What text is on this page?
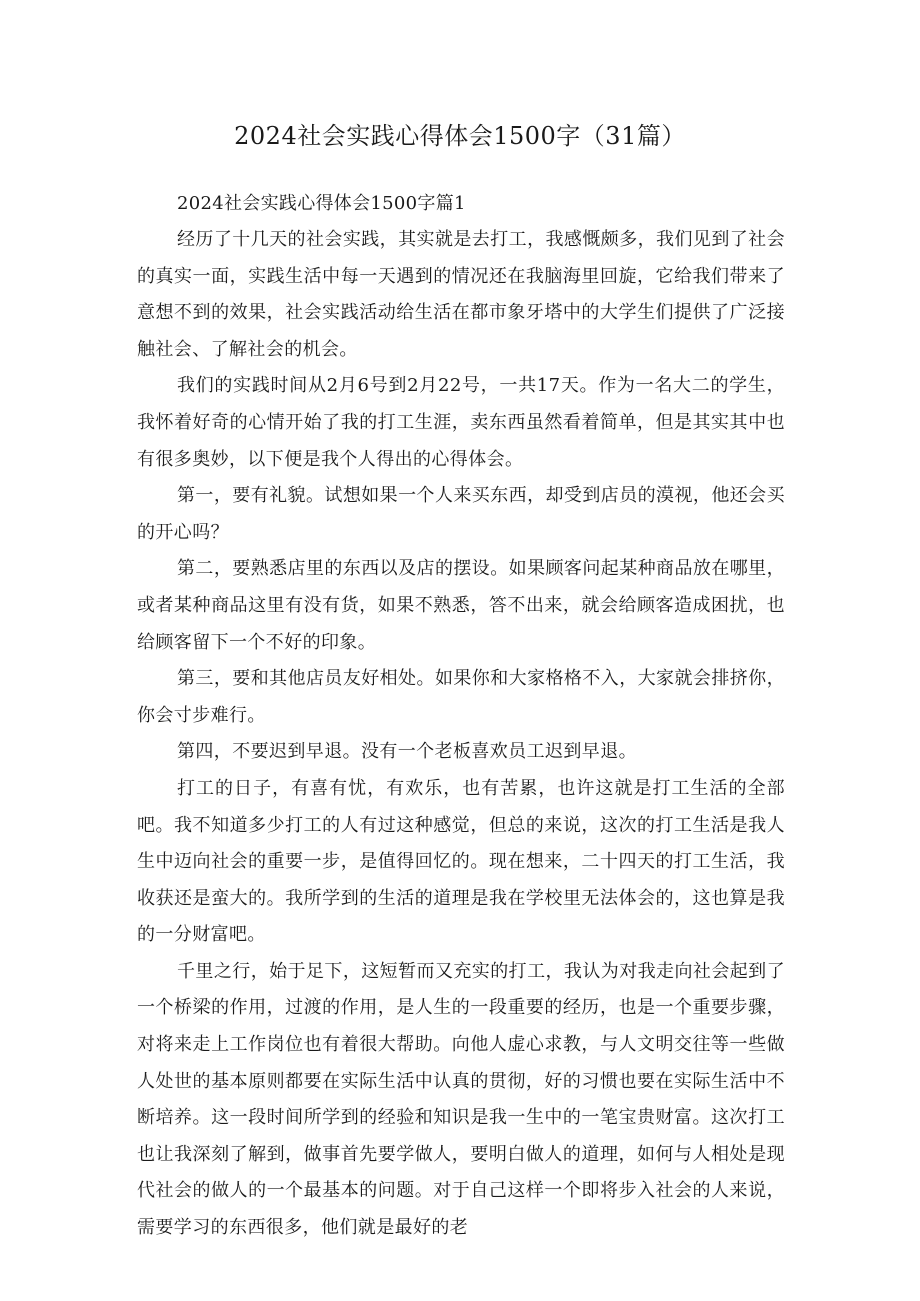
2024社会实践心得体会1500字（31篇）

2024社会实践心得体会1500字篇1

经历了十几天的社会实践，其实就是去打工，我感慨颇多，我们见到了社会的真实一面，实践生活中每一天遇到的情况还在我脑海里回旋，它给我们带来了意想不到的效果，社会实践活动给生活在都市象牙塔中的大学生们提供了广泛接触社会、了解社会的机会。

我们的实践时间从2月6号到2月22号，一共17天。作为一名大二的学生，我怀着好奇的心情开始了我的打工生涯，卖东西虽然看着简单，但是其实其中也有很多奥妙，以下便是我个人得出的心得体会。

第一，要有礼貌。试想如果一个人来买东西，却受到店员的漠视，他还会买的开心吗？

第二，要熟悉店里的东西以及店的摆设。如果顾客问起某种商品放在哪里，或者某种商品这里有没有货，如果不熟悉，答不出来，就会给顾客造成困扰，也给顾客留下一个不好的印象。

第三，要和其他店员友好相处。如果你和大家格格不入，大家就会排挤你，你会寸步难行。

第四，不要迟到早退。没有一个老板喜欢员工迟到早退。

打工的日子，有喜有忧，有欢乐，也有苦累，也许这就是打工生活的全部吧。我不知道多少打工的人有过这种感觉，但总的来说，这次的打工生活是我人生中迈向社会的重要一步，是值得回忆的。现在想来，二十四天的打工生活，我收获还是蛮大的。我所学到的生活的道理是我在学校里无法体会的，这也算是我的一分财富吧。

千里之行，始于足下，这短暂而又充实的打工，我认为对我走向社会起到了一个桥梁的作用，过渡的作用，是人生的一段重要的经历，也是一个重要步骤，对将来走上工作岗位也有着很大帮助。向他人虚心求教，与人文明交往等一些做人处世的基本原则都要在实际生活中认真的贯彻，好的习惯也要在实际生活中不断培养。这一段时间所学到的经验和知识是我一生中的一笔宝贵财富。这次打工也让我深刻了解到，做事首先要学做人，要明白做人的道理，如何与人相处是现代社会的做人的一个最基本的问题。对于自己这样一个即将步入社会的人来说，需要学习的东西很多，他们就是最好的老
